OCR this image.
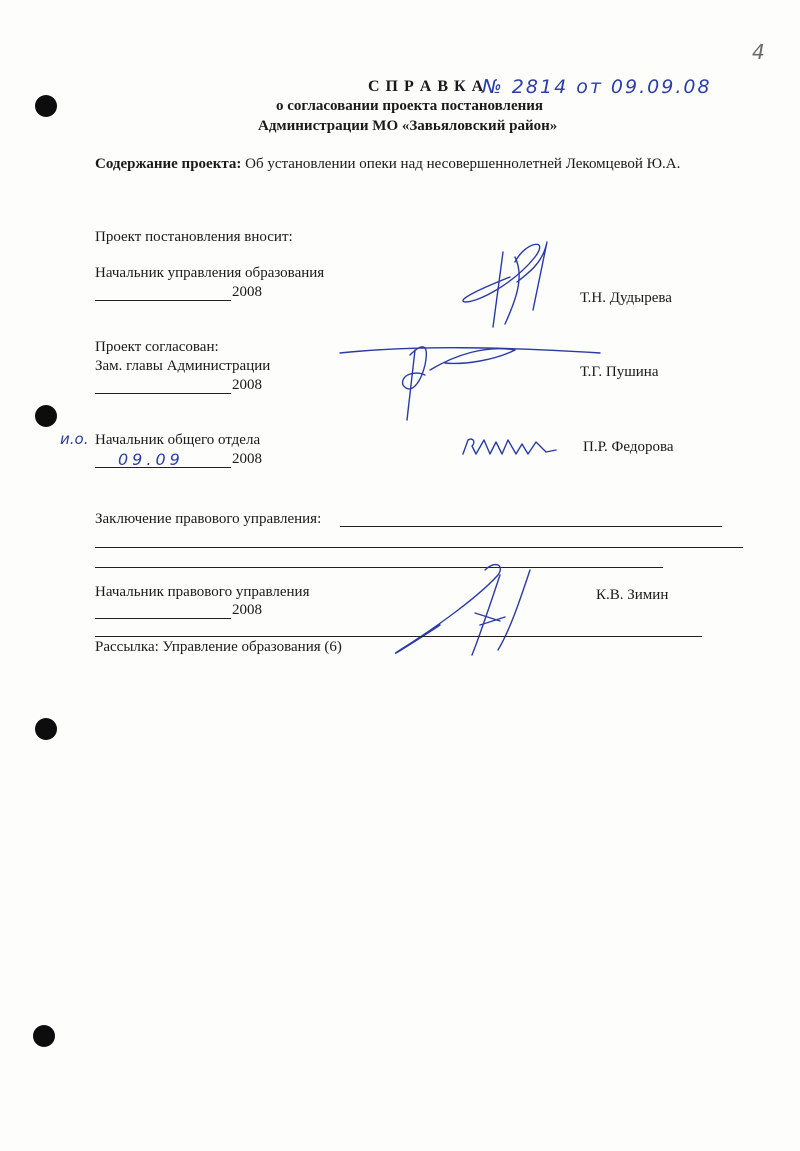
4
С П Р А В К А
№ 2814 от 09.09.08
о согласовании проекта постановления
Администрации МО «Завьяловский район»
Содержание проекта: Об установлении опеки над несовершеннолетней Лекомцевой Ю.А.
Проект постановления вносит:
Начальник управления образования
2008	Т.Н. Дудырева
Проект согласован:
Зам. главы Администрации
2008
Т.Г. Пушина
и.о. Начальник общего отдела
09.09	2008
П.Р. Федорова
Заключение правового управления:
Начальник правового управления
2008
К.В. Зимин
Рассылка: Управление образования (6)
